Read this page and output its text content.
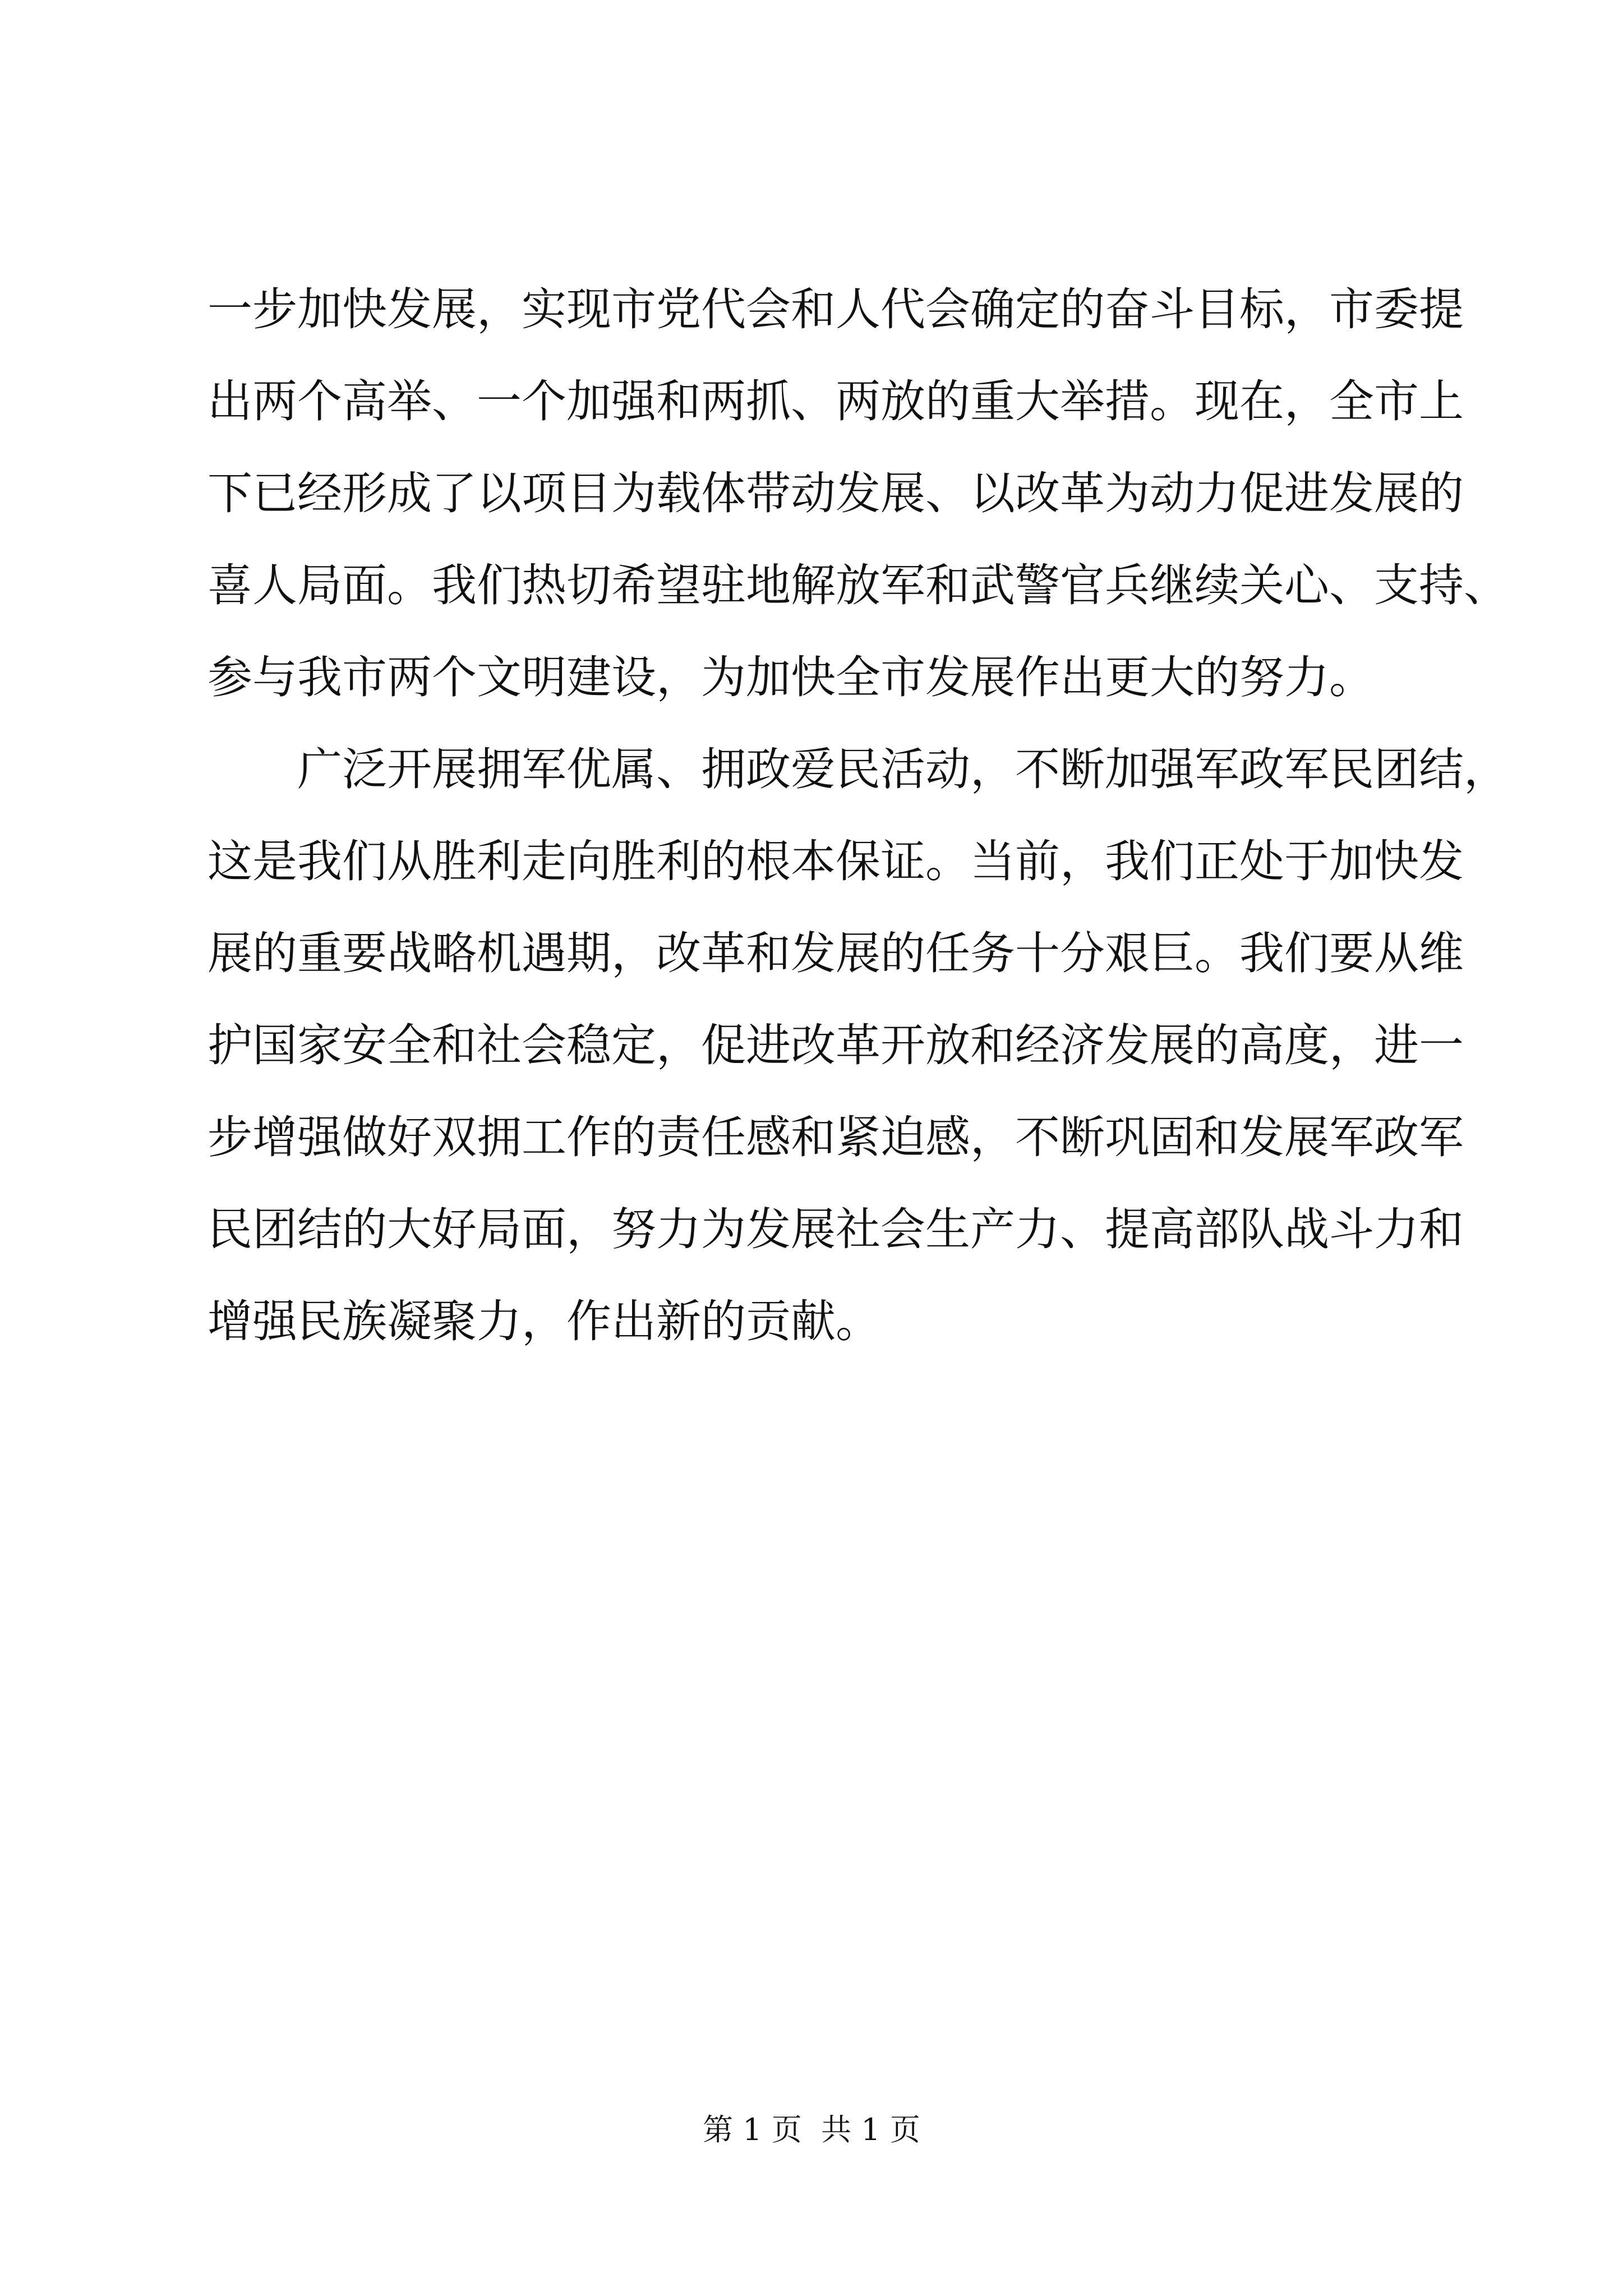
一步加快发展，实现市党代会和人代会确定的奋斗目标，市委提
出两个高举、一个加强和两抓、两放的重大举措。现在，全市上
下已经形成了以项目为载体带动发展、以改革为动力促进发展的
喜人局面。我们热切希望驻地解放军和武警官兵继续关心、支持、
参与我市两个文明建设，为加快全市发展作出更大的努力。

广泛开展拥军优属、拥政爱民活动，不断加强军政军民团结，
这是我们从胜利走向胜利的根本保证。当前，我们正处于加快发
展的重要战略机遇期，改革和发展的任务十分艰巨。我们要从维
护国家安全和社会稳定，促进改革开放和经济发展的高度，进一
步增强做好双拥工作的责任感和紧迫感，不断巩固和发展军政军
民团结的大好局面，努力为发展社会生产力、提高部队战斗力和
增强民族凝聚力，作出新的贡献。

第 1 页  共 1 页
